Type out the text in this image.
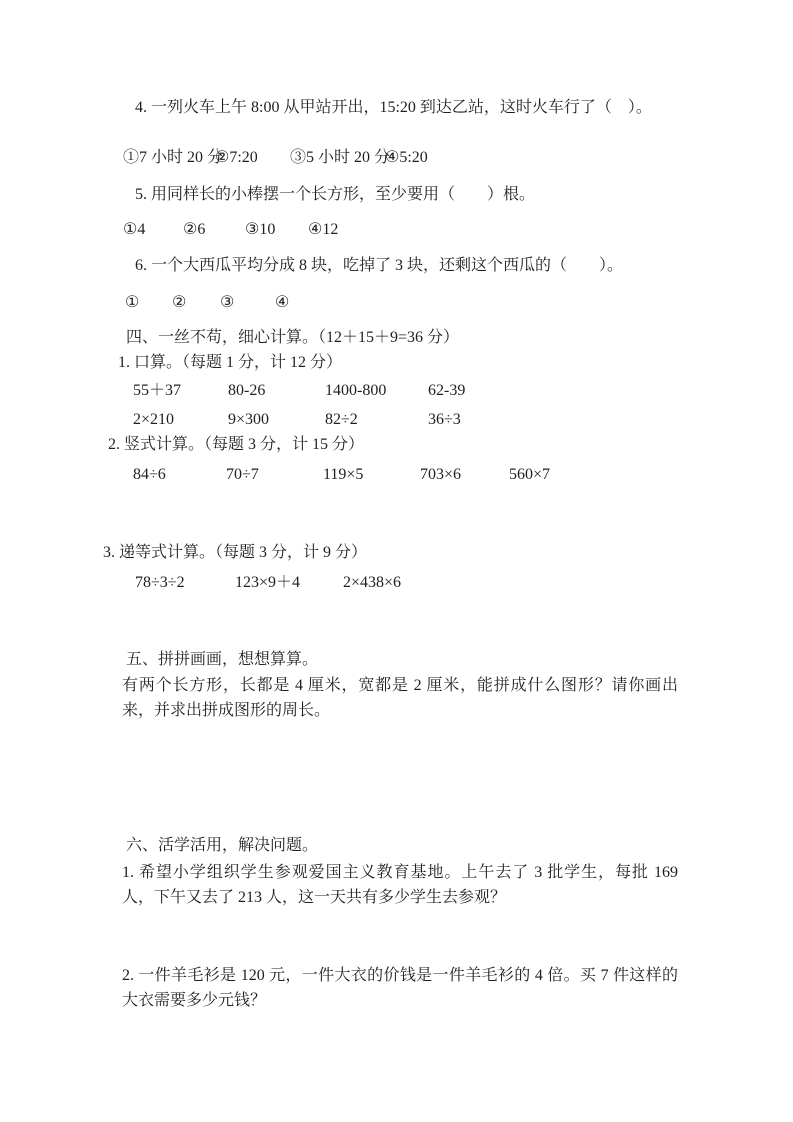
4. 一列火车上午 8:00 从甲站开出，15:20 到达乙站，这时火车行了（　）。
①7 小时 20 分②7:20 ③5 小时 20 分④5:20
5. 用同样长的小棒摆一个长方形，至少要用（　　）根。
①4 ②6 ③10 ④12
6. 一个大西瓜平均分成 8 块，吃掉了 3 块，还剩这个西瓜的（　　）。
① ② ③	④
四、一丝不苟，细心计算。（12＋15＋9=36 分）
1. 口算。（每题 1 分，计 12 分）
55＋37	80-26	1400-800	62-39
2×210	9×300	82÷2	36÷3
2. 竖式计算。（每题 3 分，计 15 分）
84÷6	70÷7	119×5	703×6	560×7
3. 递等式计算。（每题 3 分，计 9 分）
78÷3÷2	123×9＋4	2×438×6
五、拼拼画画，想想算算。
有两个长方形，长都是 4 厘米，宽都是 2 厘米，能拼成什么图形？请你画出来，并求出拼成图形的周长。
六、活学活用，解决问题。
1. 希望小学组织学生参观爱国主义教育基地。上午去了 3 批学生，每批 169 人，下午又去了 213 人，这一天共有多少学生去参观？
2. 一件羊毛衫是 120 元，一件大衣的价钱是一件羊毛衫的 4 倍。买 7 件这样的大衣需要多少元钱？
